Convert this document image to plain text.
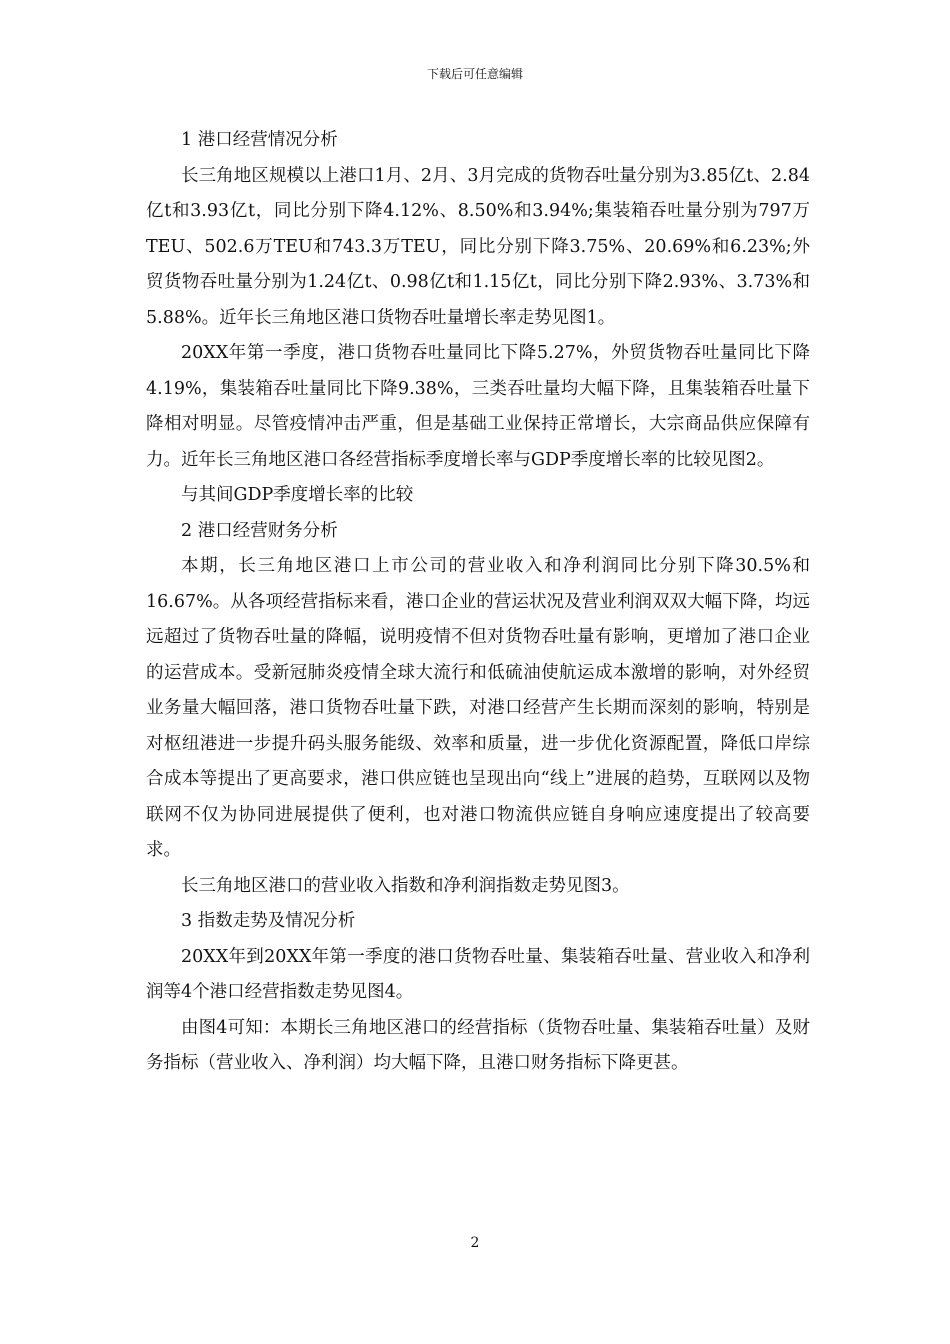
下载后可任意编辑

1 港口经营情况分析

长三角地区规模以上港口1月、2月、3月完成的货物吞吐量分别为3.85亿t、2.84亿t和3.93亿t，同比分别下降4.12%、8.50%和3.94%;集装箱吞吐量分别为797万TEU、502.6万TEU和743.3万TEU，同比分别下降3.75%、20.69%和6.23%;外贸货物吞吐量分别为1.24亿t、0.98亿t和1.15亿t，同比分别下降2.93%、3.73%和5.88%。近年长三角地区港口货物吞吐量增长率走势见图1。

20XX年第一季度，港口货物吞吐量同比下降5.27%，外贸货物吞吐量同比下降4.19%，集装箱吞吐量同比下降9.38%，三类吞吐量均大幅下降，且集装箱吞吐量下降相对明显。尽管疫情冲击严重，但是基础工业保持正常增长，大宗商品供应保障有力。近年长三角地区港口各经营指标季度增长率与GDP季度增长率的比较见图2。

与其间GDP季度增长率的比较

2 港口经营财务分析

本期，长三角地区港口上市公司的营业收入和净利润同比分别下降30.5%和16.67%。从各项经营指标来看，港口企业的营运状况及营业利润双双大幅下降，均远远超过了货物吞吐量的降幅，说明疫情不但对货物吞吐量有影响，更增加了港口企业的运营成本。受新冠肺炎疫情全球大流行和低硫油使航运成本激增的影响，对外经贸业务量大幅回落，港口货物吞吐量下跌，对港口经营产生长期而深刻的影响，特别是对枢纽港进一步提升码头服务能级、效率和质量，进一步优化资源配置，降低口岸综合成本等提出了更高要求，港口供应链也呈现出向“线上”进展的趋势，互联网以及物联网不仅为协同进展提供了便利，也对港口物流供应链自身响应速度提出了较高要求。

长三角地区港口的营业收入指数和净利润指数走势见图3。

3 指数走势及情况分析

20XX年到20XX年第一季度的港口货物吞吐量、集装箱吞吐量、营业收入和净利润等4个港口经营指数走势见图4。

由图4可知：本期长三角地区港口的经营指标（货物吞吐量、集装箱吞吐量）及财务指标（营业收入、净利润）均大幅下降，且港口财务指标下降更甚。

2
